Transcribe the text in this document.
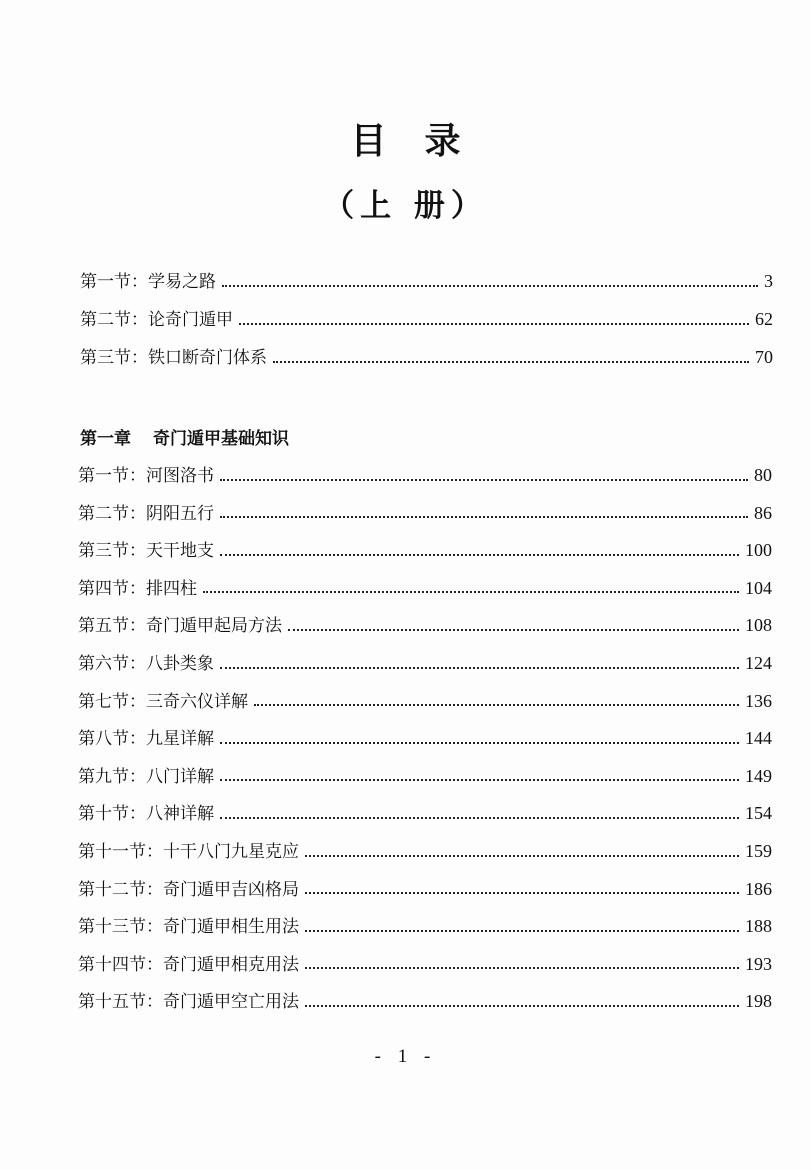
目录
（上 册）
第一节：学易之路	3
第二节：论奇门遁甲	62
第三节：铁口断奇门体系	70
第一章 奇门遁甲基础知识
第一节：河图洛书	80
第二节：阴阳五行	86
第三节：天干地支	100
第四节：排四柱	104
第五节：奇门遁甲起局方法	108
第六节：八卦类象	124
第七节：三奇六仪详解	136
第八节：九星详解	144
第九节：八门详解	149
第十节：八神详解	154
第十一节：十干八门九星克应	159
第十二节：奇门遁甲吉凶格局	186
第十三节：奇门遁甲相生用法	188
第十四节：奇门遁甲相克用法	193
第十五节：奇门遁甲空亡用法	198
- 1 -
